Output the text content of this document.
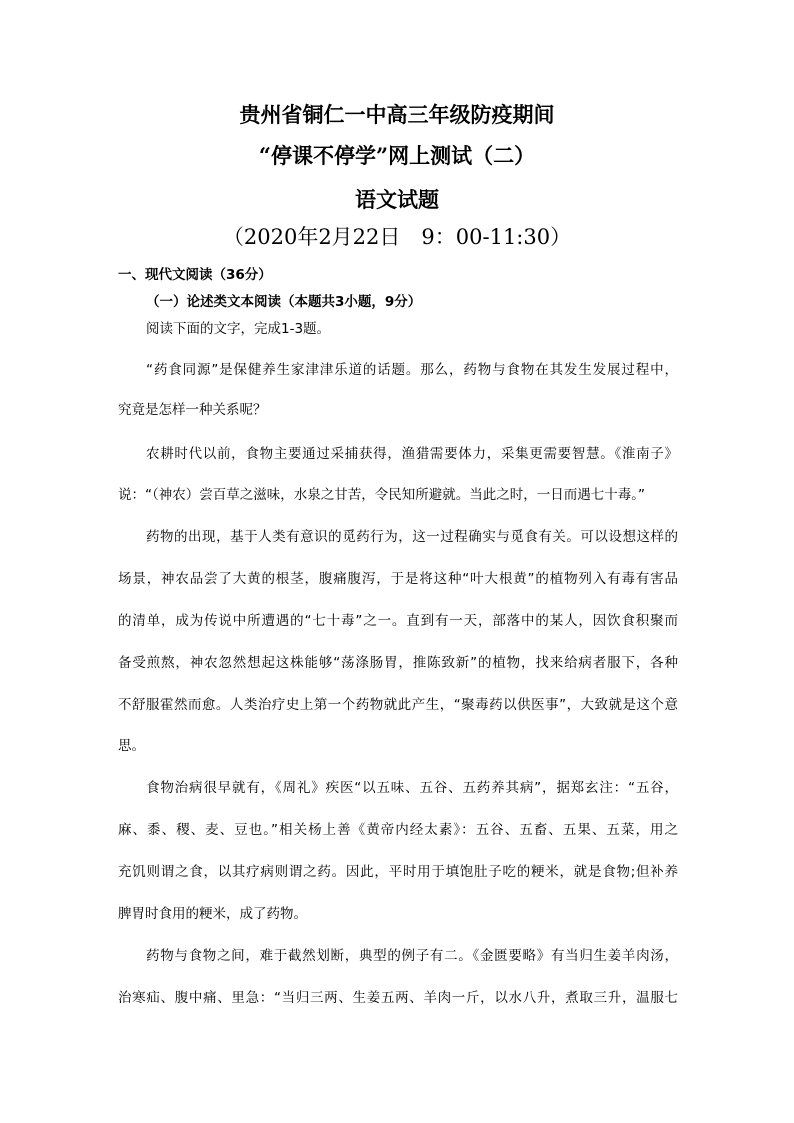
贵州省铜仁一中高三年级防疫期间
“停课不停学”网上测试（二）
语文试题
（2020年2月22日　9：00-11:30）
一、现代文阅读（36分）
（一）论述类文本阅读（本题共3小题，9分）
阅读下面的文字，完成1-3题。
“药食同源”是保健养生家津津乐道的话题。那么，药物与食物在其发生发展过程中，
究竟是怎样一种关系呢？
农耕时代以前，食物主要通过采捕获得，渔猎需要体力，采集更需要智慧。《淮南子》
说：“（神农）尝百草之滋味，水泉之甘苦，令民知所避就。当此之时，一日而遇七十毒。”
药物的出现，基于人类有意识的觅药行为，这一过程确实与觅食有关。可以设想这样的
场景，神农品尝了大黄的根茎，腹痛腹泻，于是将这种“叶大根黄”的植物列入有毒有害品
的清单，成为传说中所遭遇的“七十毒”之一。直到有一天，部落中的某人，因饮食积聚而
备受煎熬，神农忽然想起这株能够“荡涤肠胃，推陈致新”的植物，找来给病者服下，各种
不舒服霍然而愈。人类治疗史上第一个药物就此产生，“聚毒药以供医事”，大致就是这个意
思。
食物治病很早就有，《周礼》疾医“以五味、五谷、五药养其病”，据郑玄注：“五谷，
麻、黍、稷、麦、豆也。”相关杨上善《黄帝内经太素》：五谷、五畜、五果、五菜，用之
充饥则谓之食，以其疗病则谓之药。因此，平时用于填饱肚子吃的粳米，就是食物;但补养
脾胃时食用的粳米，成了药物。
药物与食物之间，难于截然划断，典型的例子有二。《金匮要略》有当归生姜羊肉汤，
治寒疝、腹中痛、里急：“当归三两、生姜五两、羊肉一斤，以水八升，煮取三升，温服七
